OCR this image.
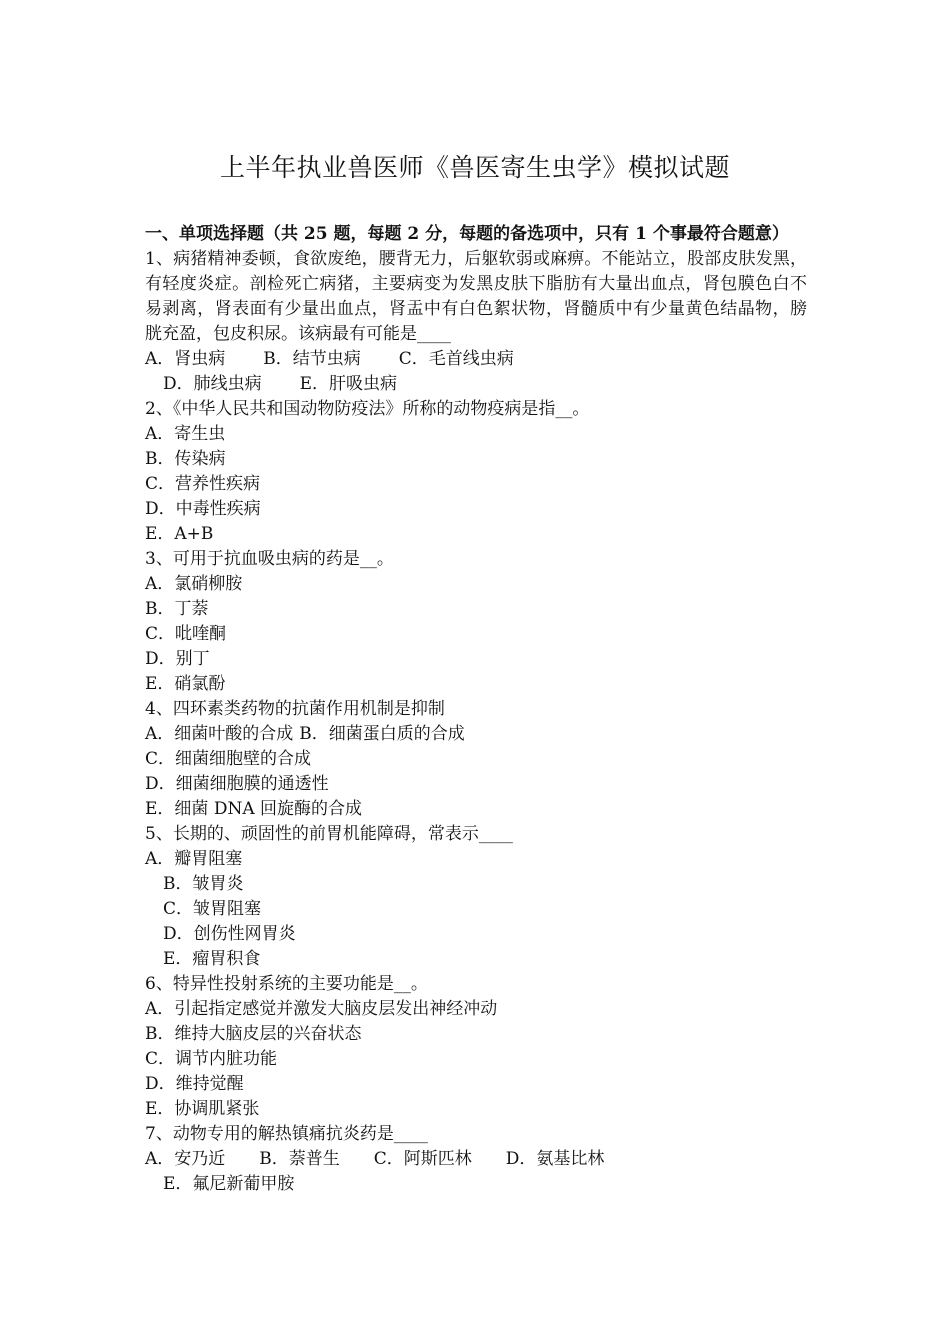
上半年执业兽医师《兽医寄生虫学》模拟试题
一、单项选择题（共 25 题，每题 2 分，每题的备选项中，只有 1 个事最符合题意）
1、病猪精神委顿，食欲废绝，腰背无力，后躯软弱或麻痹。不能站立，股部皮肤发黑，有轻度炎症。剖检死亡病猪，主要病变为发黑皮肤下脂肪有大量出血点，肾包膜色白不易剥离，肾表面有少量出血点，肾盂中有白色絮状物，肾髓质中有少量黄色结晶物，膀胱充盈，包皮积尿。该病最有可能是____
A．肾虫病 B．结节虫病 C．毛首线虫病
D．肺线虫病 E．肝吸虫病
2、《中华人民共和国动物防疫法》所称的动物疫病是指__。
A．寄生虫
B．传染病
C．营养性疾病
D．中毒性疾病
E．A+B
3、可用于抗血吸虫病的药是__。
A．氯硝柳胺
B．丁萘
C．吡喹酮
D．别丁
E．硝氯酚
4、四环素类药物的抗菌作用机制是抑制
A．细菌叶酸的合成 B．细菌蛋白质的合成
C．细菌细胞壁的合成
D．细菌细胞膜的通透性
E．细菌 DNA 回旋酶的合成
5、长期的、顽固性的前胃机能障碍，常表示____
A．瓣胃阻塞
B．皱胃炎
C．皱胃阻塞
D．创伤性网胃炎
E．瘤胃积食
6、特异性投射系统的主要功能是__。
A．引起指定感觉并激发大脑皮层发出神经冲动
B．维持大脑皮层的兴奋状态
C．调节内脏功能
D．维持觉醒
E．协调肌紧张
7、动物专用的解热镇痛抗炎药是____
A．安乃近 B．萘普生 C．阿斯匹林 D．氨基比林
E．氟尼新葡甲胺
